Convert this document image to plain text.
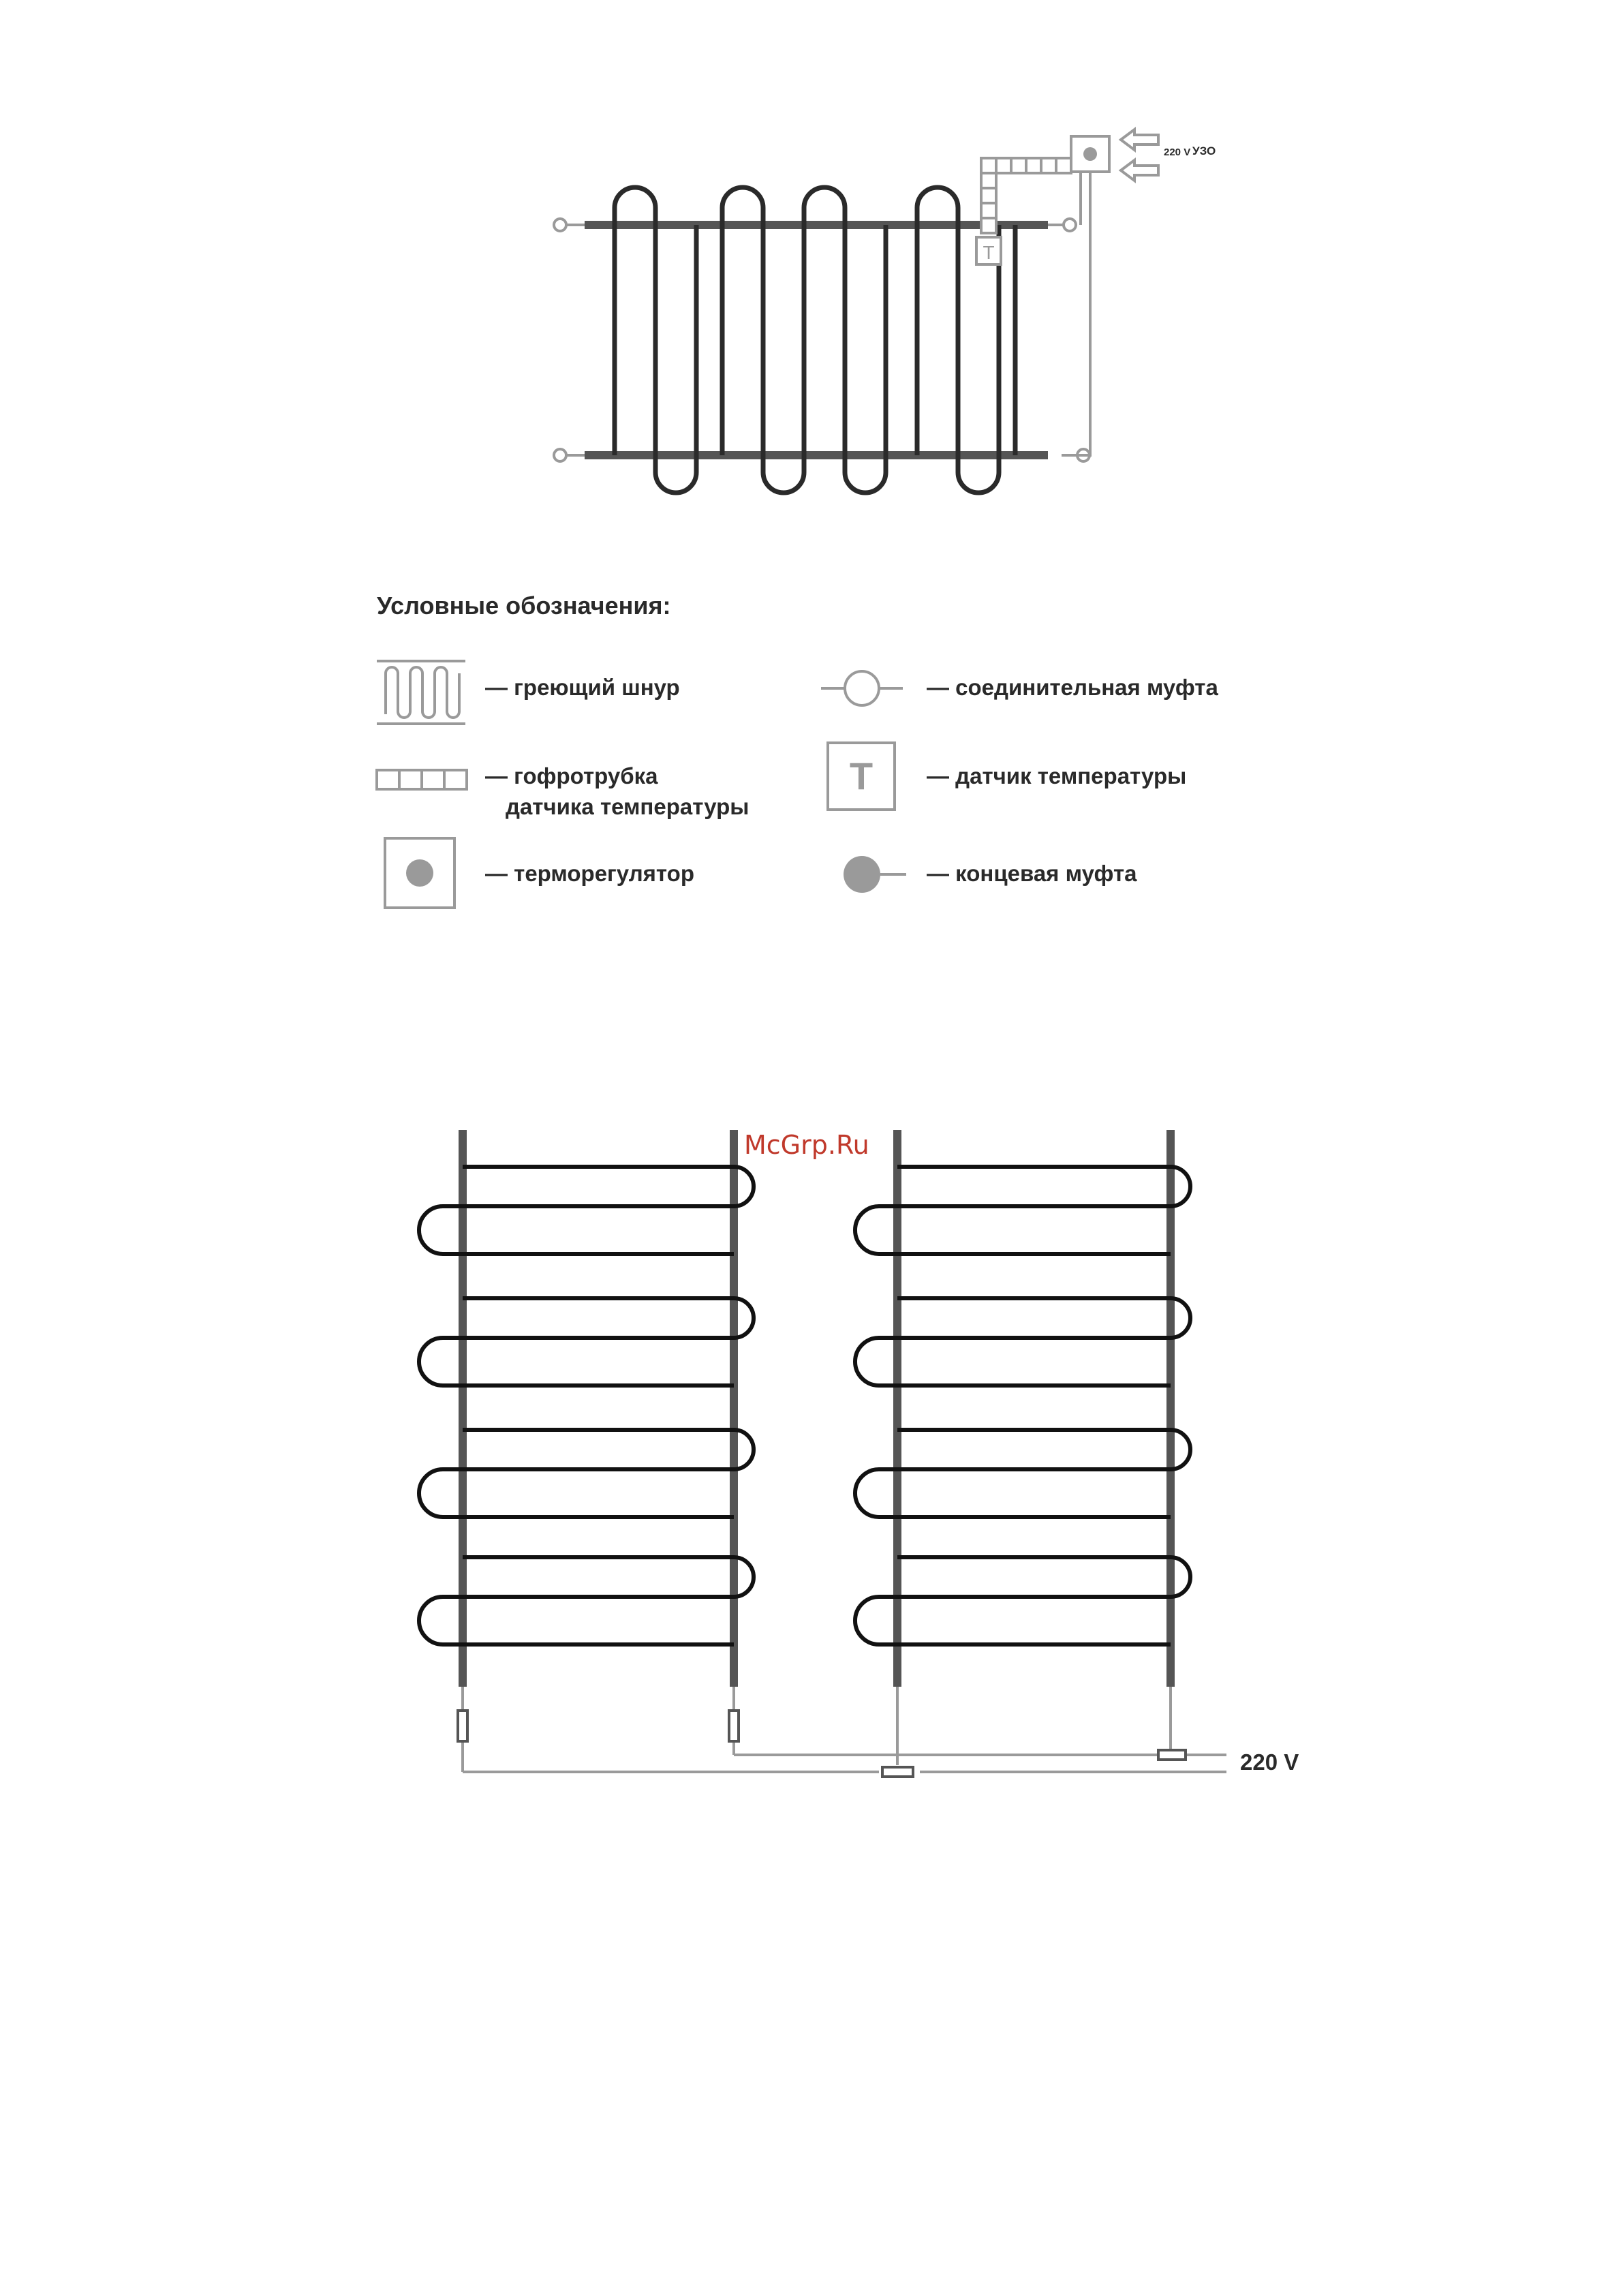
T
T
220 V УЗО
Условные обозначения:
— греющий шнур	— соединительная муфта
— гофротрубка
датчика температуры
— датчик температуры
— терморегулятор	— концевая муфта
McGrp.Ru
220 V
